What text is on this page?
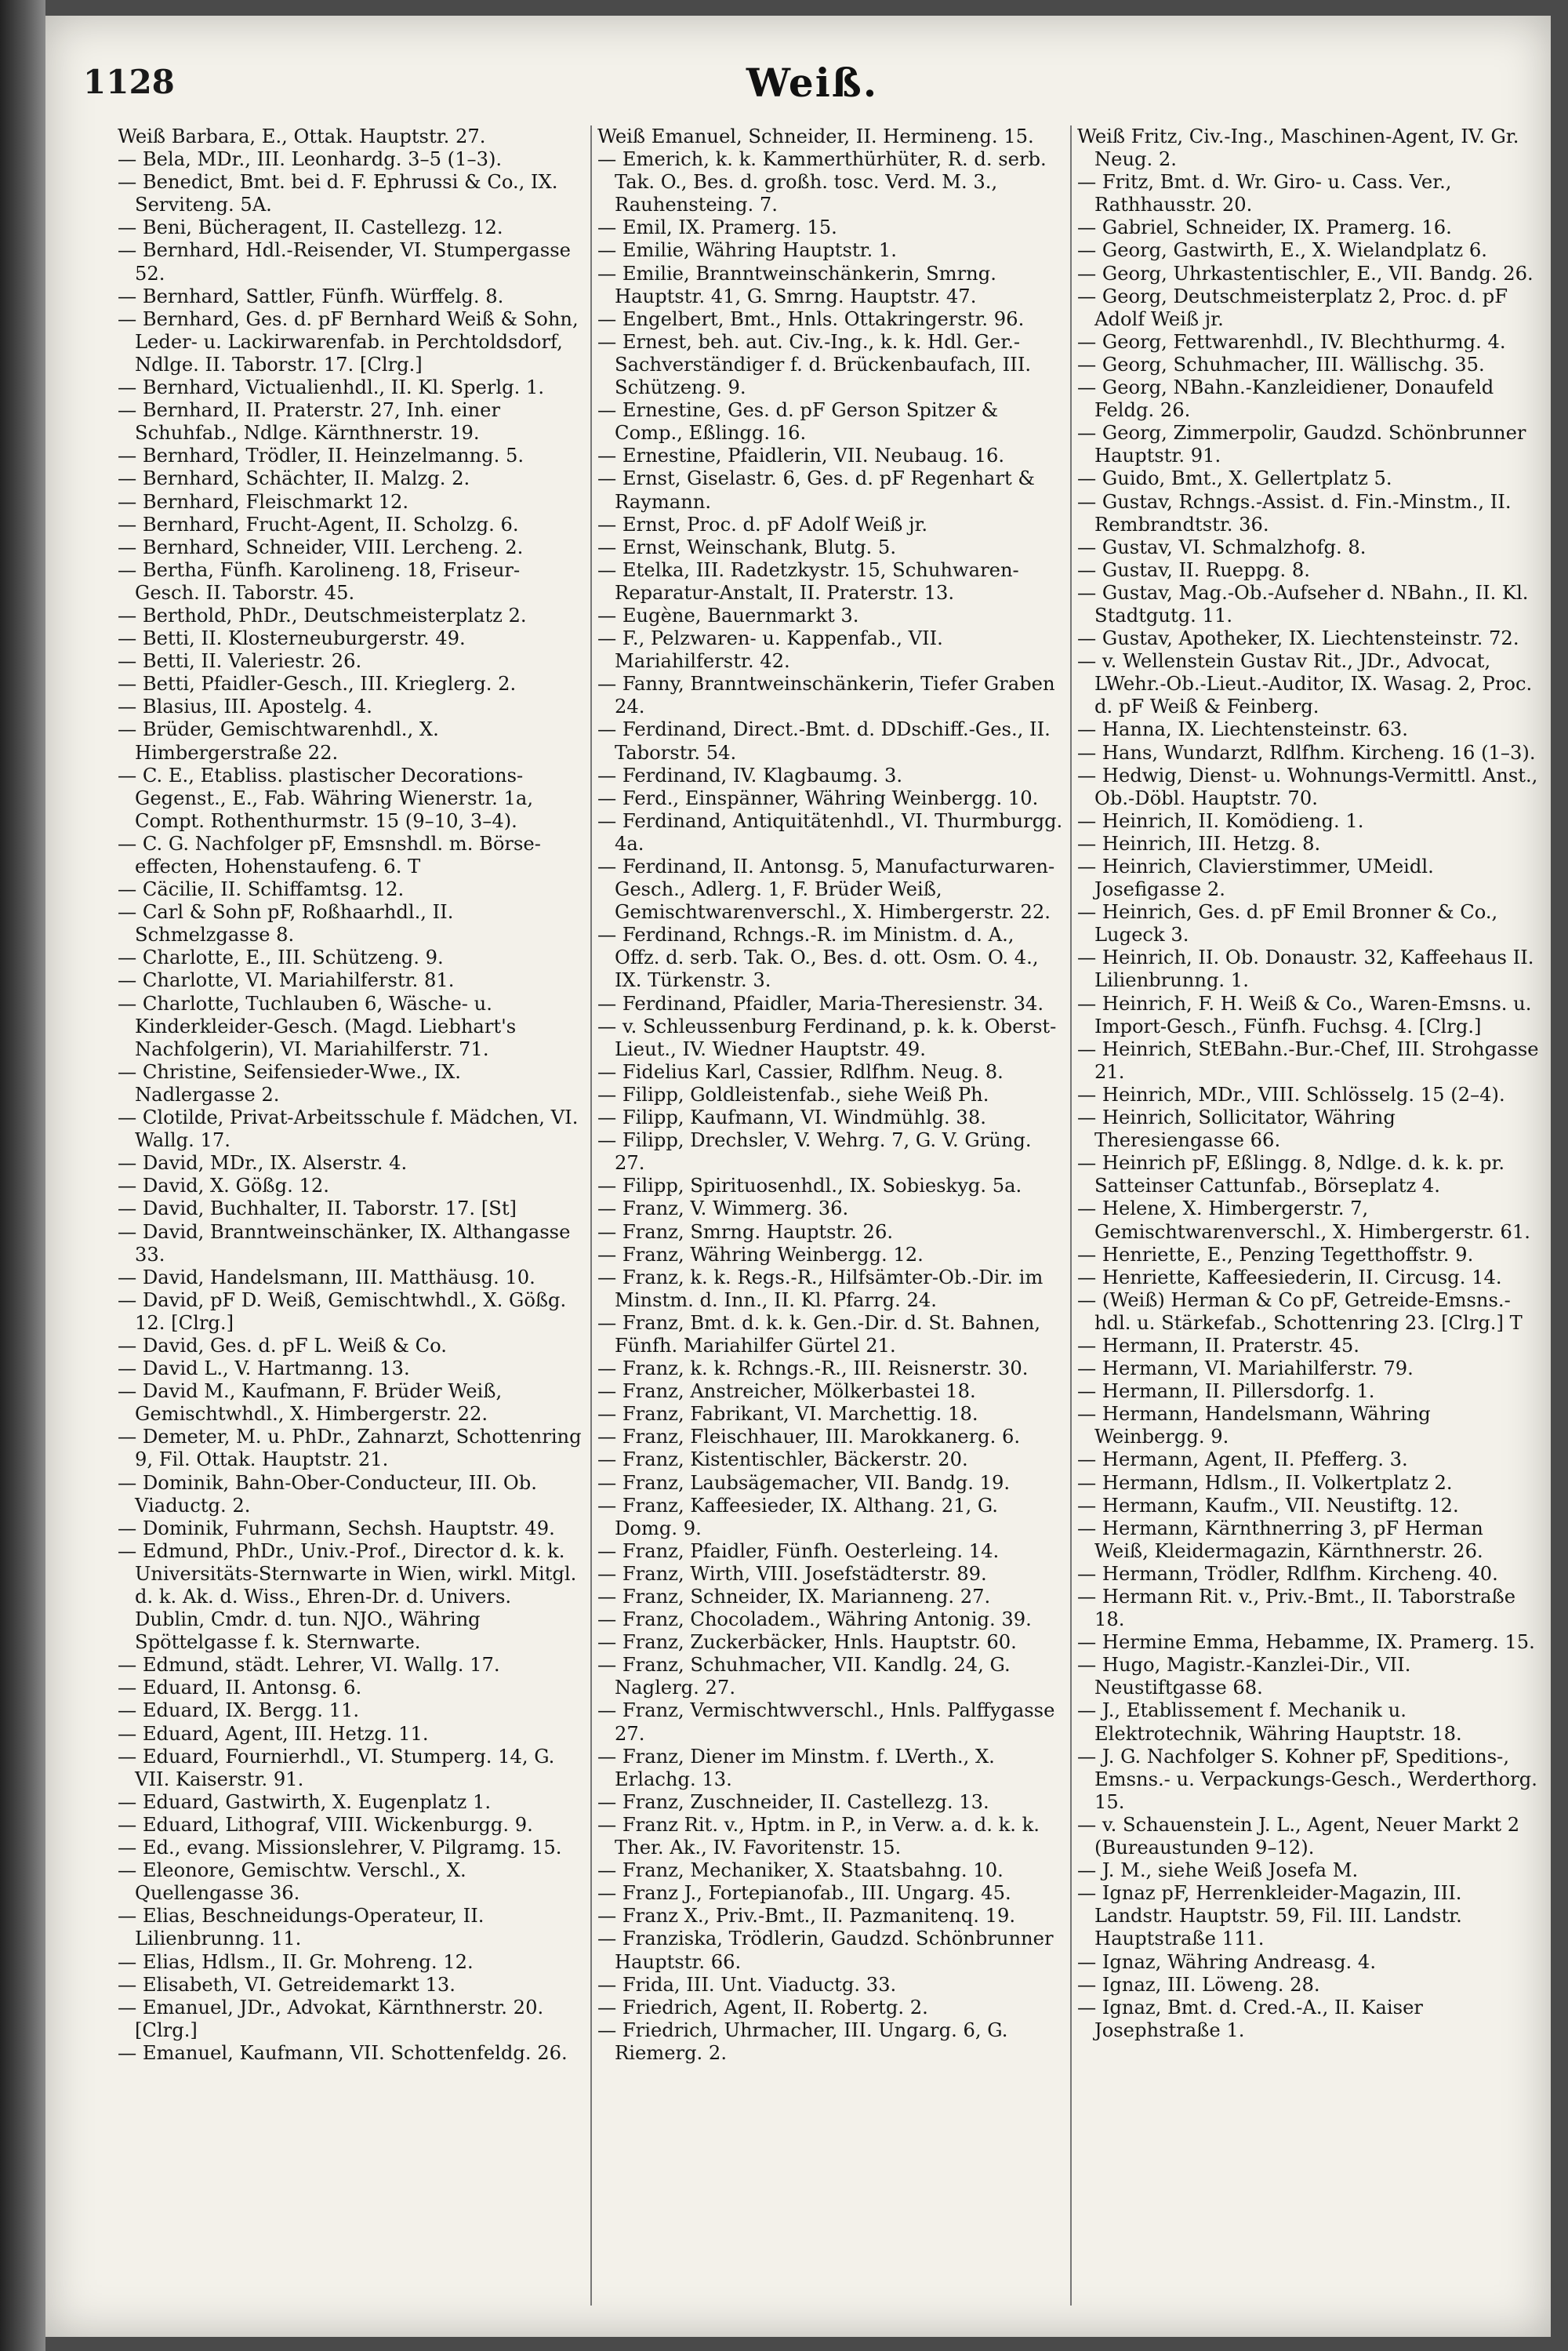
1128	Weiß.

Weiß Barbara, E., Ottak. Hauptstr. 27.

— Bela, MDr., III. Leonhardg. 3–5 (1–3).

— Benedict, Bmt. bei d. F. Ephrussi & Co., IX. Serviteng. 5A.

— Beni, Bücheragent, II. Castellezg. 12.

— Bernhard, Hdl.-Reisender, VI. Stumpergasse 52.

— Bernhard, Sattler, Fünfh. Würffelg. 8.

— Bernhard, Ges. d. pF Bernhard Weiß & Sohn, Leder- u. Lackirwarenfab. in Perchtoldsdorf, Ndlge. II. Taborstr. 17. [Clrg.]

— Bernhard, Victualienhdl., II. Kl. Sperlg. 1.

— Bernhard, II. Praterstr. 27, Inh. einer Schuhfab., Ndlge. Kärnthnerstr. 19.

— Bernhard, Trödler, II. Heinzelmanng. 5.

— Bernhard, Schächter, II. Malzg. 2.

— Bernhard, Fleischmarkt 12.

— Bernhard, Frucht-Agent, II. Scholzg. 6.

— Bernhard, Schneider, VIII. Lercheng. 2.

— Bertha, Fünfh. Karolineng. 18, Friseur-Gesch. II. Taborstr. 45.

— Berthold, PhDr., Deutschmeisterplatz 2.

— Betti, II. Klosterneuburgerstr. 49.

— Betti, II. Valeriestr. 26.

— Betti, Pfaidler-Gesch., III. Krieglerg. 2.

— Blasius, III. Apostelg. 4.

— Brüder, Gemischtwarenhdl., X. Himbergerstraße 22.

— C. E., Etabliss. plastischer Decorations-Gegenst., E., Fab. Währing Wienerstr. 1a, Compt. Rothenthurmstr. 15 (9–10, 3–4).

— C. G. Nachfolger pF, Emsnshdl. m. Börse-effecten, Hohenstaufeng. 6. T

— Cäcilie, II. Schiffamtsg. 12.

— Carl & Sohn pF, Roßhaarhdl., II. Schmelzgasse 8.

— Charlotte, E., III. Schützeng. 9.

— Charlotte, VI. Mariahilferstr. 81.

— Charlotte, Tuchlauben 6, Wäsche- u. Kinderkleider-Gesch. (Magd. Liebhart's Nachfolgerin), VI. Mariahilferstr. 71.

— Christine, Seifensieder-Wwe., IX. Nadlergasse 2.

— Clotilde, Privat-Arbeitsschule f. Mädchen, VI. Wallg. 17.

— David, MDr., IX. Alserstr. 4.

— David, X. Gößg. 12.

— David, Buchhalter, II. Taborstr. 17. [St]

— David, Branntweinschänker, IX. Althangasse 33.

— David, Handelsmann, III. Matthäusg. 10.

— David, pF D. Weiß, Gemischtwhdl., X. Gößg. 12. [Clrg.]

— David, Ges. d. pF L. Weiß & Co.

— David L., V. Hartmanng. 13.

— David M., Kaufmann, F. Brüder Weiß, Gemischtwhdl., X. Himbergerstr. 22.

— Demeter, M. u. PhDr., Zahnarzt, Schottenring 9, Fil. Ottak. Hauptstr. 21.

— Dominik, Bahn-Ober-Conducteur, III. Ob. Viaductg. 2.

— Dominik, Fuhrmann, Sechsh. Hauptstr. 49.

— Edmund, PhDr., Univ.-Prof., Director d. k. k. Universitäts-Sternwarte in Wien, wirkl. Mitgl. d. k. Ak. d. Wiss., Ehren-Dr. d. Univers. Dublin, Cmdr. d. tun. NJO., Währing Spöttelgasse f. k. Sternwarte.

— Edmund, städt. Lehrer, VI. Wallg. 17.

— Eduard, II. Antonsg. 6.

— Eduard, IX. Bergg. 11.

— Eduard, Agent, III. Hetzg. 11.

— Eduard, Fournierhdl., VI. Stumperg. 14, G. VII. Kaiserstr. 91.

— Eduard, Gastwirth, X. Eugenplatz 1.

— Eduard, Lithograf, VIII. Wickenburgg. 9.

— Ed., evang. Missionslehrer, V. Pilgramg. 15.

— Eleonore, Gemischtw. Verschl., X. Quellengasse 36.

— Elias, Beschneidungs-Operateur, II. Lilienbrunng. 11.

— Elias, Hdlsm., II. Gr. Mohreng. 12.

— Elisabeth, VI. Getreidemarkt 13.

— Emanuel, JDr., Advokat, Kärnthnerstr. 20. [Clrg.]

— Emanuel, Kaufmann, VII. Schottenfeldg. 26.

Weiß Emanuel, Schneider, II. Hermineng. 15.

— Emerich, k. k. Kammerthürhüter, R. d. serb. Tak. O., Bes. d. großh. tosc. Verd. M. 3., Rauhensteing. 7.

— Emil, IX. Pramerg. 15.

— Emilie, Währing Hauptstr. 1.

— Emilie, Branntweinschänkerin, Smrng. Hauptstr. 41, G. Smrng. Hauptstr. 47.

— Engelbert, Bmt., Hnls. Ottakringerstr. 96.

— Ernest, beh. aut. Civ.-Ing., k. k. Hdl. Ger.-Sachverständiger f. d. Brückenbaufach, III. Schützeng. 9.

— Ernestine, Ges. d. pF Gerson Spitzer & Comp., Eßlingg. 16.

— Ernestine, Pfaidlerin, VII. Neubaug. 16.

— Ernst, Giselastr. 6, Ges. d. pF Regenhart & Raymann.

— Ernst, Proc. d. pF Adolf Weiß jr.

— Ernst, Weinschank, Blutg. 5.

— Etelka, III. Radetzkystr. 15, Schuhwaren-Reparatur-Anstalt, II. Praterstr. 13.

— Eugène, Bauernmarkt 3.

— F., Pelzwaren- u. Kappenfab., VII. Mariahilferstr. 42.

— Fanny, Branntweinschänkerin, Tiefer Graben 24.

— Ferdinand, Direct.-Bmt. d. DDschiff.-Ges., II. Taborstr. 54.

— Ferdinand, IV. Klagbaumg. 3.

— Ferd., Einspänner, Währing Weinbergg. 10.

— Ferdinand, Antiquitätenhdl., VI. Thurmburgg. 4a.

— Ferdinand, II. Antonsg. 5, Manufacturwaren-Gesch., Adlerg. 1, F. Brüder Weiß, Gemischtwarenverschl., X. Himbergerstr. 22.

— Ferdinand, Rchngs.-R. im Ministm. d. A., Offz. d. serb. Tak. O., Bes. d. ott. Osm. O. 4., IX. Türkenstr. 3.

— Ferdinand, Pfaidler, Maria-Theresienstr. 34.

— v. Schleussenburg Ferdinand, p. k. k. Oberst-Lieut., IV. Wiedner Hauptstr. 49.

— Fidelius Karl, Cassier, Rdlfhm. Neug. 8.

— Filipp, Goldleistenfab., siehe Weiß Ph.

— Filipp, Kaufmann, VI. Windmühlg. 38.

— Filipp, Drechsler, V. Wehrg. 7, G. V. Grüng. 27.

— Filipp, Spirituosenhdl., IX. Sobieskyg. 5a.

— Franz, V. Wimmerg. 36.

— Franz, Smrng. Hauptstr. 26.

— Franz, Währing Weinbergg. 12.

— Franz, k. k. Regs.-R., Hilfsämter-Ob.-Dir. im Minstm. d. Inn., II. Kl. Pfarrg. 24.

— Franz, Bmt. d. k. k. Gen.-Dir. d. St. Bahnen, Fünfh. Mariahilfer Gürtel 21.

— Franz, k. k. Rchngs.-R., III. Reisnerstr. 30.

— Franz, Anstreicher, Mölkerbastei 18.

— Franz, Fabrikant, VI. Marchettig. 18.

— Franz, Fleischhauer, III. Marokkanerg. 6.

— Franz, Kistentischler, Bäckerstr. 20.

— Franz, Laubsägemacher, VII. Bandg. 19.

— Franz, Kaffeesieder, IX. Althang. 21, G. Domg. 9.

— Franz, Pfaidler, Fünfh. Oesterleing. 14.

— Franz, Wirth, VIII. Josefstädterstr. 89.

— Franz, Schneider, IX. Marianneng. 27.

— Franz, Chocoladem., Währing Antonig. 39.

— Franz, Zuckerbäcker, Hnls. Hauptstr. 60.

— Franz, Schuhmacher, VII. Kandlg. 24, G. Naglerg. 27.

— Franz, Vermischtwverschl., Hnls. Palffygasse 27.

— Franz, Diener im Minstm. f. LVerth., X. Erlachg. 13.

— Franz, Zuschneider, II. Castellezg. 13.

— Franz Rit. v., Hptm. in P., in Verw. a. d. k. k. Ther. Ak., IV. Favoritenstr. 15.

— Franz, Mechaniker, X. Staatsbahng. 10.

— Franz J., Fortepianofab., III. Ungarg. 45.

— Franz X., Priv.-Bmt., II. Pazmanitenq. 19.

— Franziska, Trödlerin, Gaudzd. Schönbrunner Hauptstr. 66.

— Frida, III. Unt. Viaductg. 33.

— Friedrich, Agent, II. Robertg. 2.

— Friedrich, Uhrmacher, III. Ungarg. 6, G. Riemerg. 2.

Weiß Fritz, Civ.-Ing., Maschinen-Agent, IV. Gr. Neug. 2.

— Fritz, Bmt. d. Wr. Giro- u. Cass. Ver., Rathhausstr. 20.

— Gabriel, Schneider, IX. Pramerg. 16.

— Georg, Gastwirth, E., X. Wielandplatz 6.

— Georg, Uhrkastentischler, E., VII. Bandg. 26.

— Georg, Deutschmeisterplatz 2, Proc. d. pF Adolf Weiß jr.

— Georg, Fettwarenhdl., IV. Blechthurmg. 4.

— Georg, Schuhmacher, III. Wällischg. 35.

— Georg, NBahn.-Kanzleidiener, Donaufeld Feldg. 26.

— Georg, Zimmerpolir, Gaudzd. Schönbrunner Hauptstr. 91.

— Guido, Bmt., X. Gellertplatz 5.

— Gustav, Rchngs.-Assist. d. Fin.-Minstm., II. Rembrandtstr. 36.

— Gustav, VI. Schmalzhofg. 8.

— Gustav, II. Rueppg. 8.

— Gustav, Mag.-Ob.-Aufseher d. NBahn., II. Kl. Stadtgutg. 11.

— Gustav, Apotheker, IX. Liechtensteinstr. 72.

— v. Wellenstein Gustav Rit., JDr., Advocat, LWehr.-Ob.-Lieut.-Auditor, IX. Wasag. 2, Proc. d. pF Weiß & Feinberg.

— Hanna, IX. Liechtensteinstr. 63.

— Hans, Wundarzt, Rdlfhm. Kircheng. 16 (1–3).

— Hedwig, Dienst- u. Wohnungs-Vermittl. Anst., Ob.-Döbl. Hauptstr. 70.

— Heinrich, II. Komödieng. 1.

— Heinrich, III. Hetzg. 8.

— Heinrich, Clavierstimmer, UMeidl. Josefigasse 2.

— Heinrich, Ges. d. pF Emil Bronner & Co., Lugeck 3.

— Heinrich, II. Ob. Donaustr. 32, Kaffeehaus II. Lilienbrunng. 1.

— Heinrich, F. H. Weiß & Co., Waren-Emsns. u. Import-Gesch., Fünfh. Fuchsg. 4. [Clrg.]

— Heinrich, StEBahn.-Bur.-Chef, III. Strohgasse 21.

— Heinrich, MDr., VIII. Schlösselg. 15 (2–4).

— Heinrich, Sollicitator, Währing Theresiengasse 66.

— Heinrich pF, Eßlingg. 8, Ndlge. d. k. k. pr. Satteinser Cattunfab., Börseplatz 4.

— Helene, X. Himbergerstr. 7, Gemischtwarenverschl., X. Himbergerstr. 61.

— Henriette, E., Penzing Tegetthoffstr. 9.

— Henriette, Kaffeesiederin, II. Circusg. 14.

— (Weiß) Herman & Co pF, Getreide-Emsns.-hdl. u. Stärkefab., Schottenring 23. [Clrg.] T

— Hermann, II. Praterstr. 45.

— Hermann, VI. Mariahilferstr. 79.

— Hermann, II. Pillersdorfg. 1.

— Hermann, Handelsmann, Währing Weinbergg. 9.

— Hermann, Agent, II. Pfefferg. 3.

— Hermann, Hdlsm., II. Volkertplatz 2.

— Hermann, Kaufm., VII. Neustiftg. 12.

— Hermann, Kärnthnerring 3, pF Herman Weiß, Kleidermagazin, Kärnthnerstr. 26.

— Hermann, Trödler, Rdlfhm. Kircheng. 40.

— Hermann Rit. v., Priv.-Bmt., II. Taborstraße 18.

— Hermine Emma, Hebamme, IX. Pramerg. 15.

— Hugo, Magistr.-Kanzlei-Dir., VII. Neustiftgasse 68.

— J., Etablissement f. Mechanik u. Elektrotechnik, Währing Hauptstr. 18.

— J. G. Nachfolger S. Kohner pF, Speditions-, Emsns.- u. Verpackungs-Gesch., Werderthorg. 15.

— v. Schauenstein J. L., Agent, Neuer Markt 2 (Bureaustunden 9–12).

— J. M., siehe Weiß Josefa M.

— Ignaz pF, Herrenkleider-Magazin, III. Landstr. Hauptstr. 59, Fil. III. Landstr. Hauptstraße 111.

— Ignaz, Währing Andreasg. 4.

— Ignaz, III. Löweng. 28.

— Ignaz, Bmt. d. Cred.-A., II. Kaiser Josephstraße 1.
